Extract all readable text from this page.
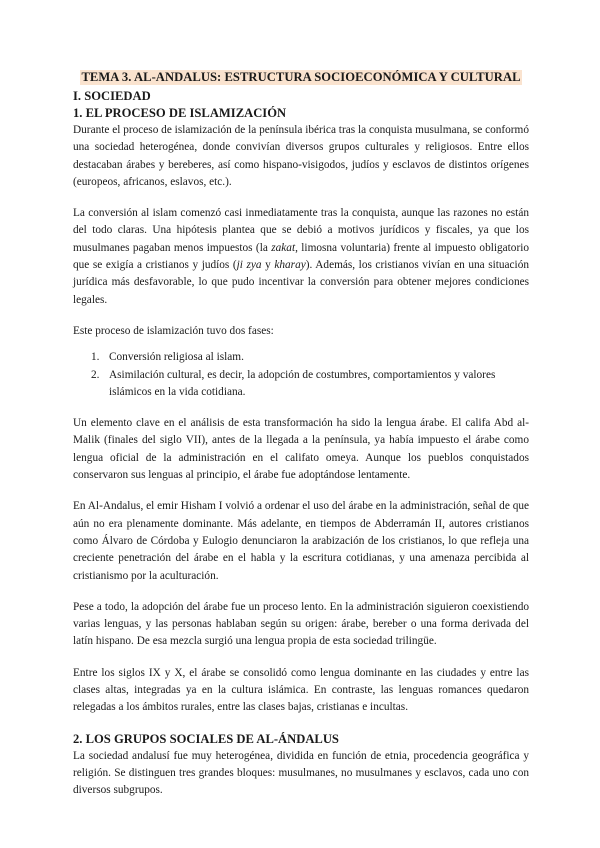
TEMA 3. AL-ANDALUS: ESTRUCTURA SOCIOECONÓMICA Y CULTURAL
I. SOCIEDAD
1. EL PROCESO DE ISLAMIZACIÓN

Durante el proceso de islamización de la península ibérica tras la conquista musulmana, se conformó una sociedad heterogénea, donde convivían diversos grupos culturales y religiosos. Entre ellos destacaban árabes y bereberes, así como hispano-visigodos, judíos y esclavos de distintos orígenes (europeos, africanos, eslavos, etc.).

La conversión al islam comenzó casi inmediatamente tras la conquista, aunque las razones no están del todo claras. Una hipótesis plantea que se debió a motivos jurídicos y fiscales, ya que los musulmanes pagaban menos impuestos (la zakat, limosna voluntaria) frente al impuesto obligatorio que se exigía a cristianos y judíos (ji zya y kharay). Además, los cristianos vivían en una situación jurídica más desfavorable, lo que pudo incentivar la conversión para obtener mejores condiciones legales.

Este proceso de islamización tuvo dos fases:

1. Conversión religiosa al islam.
2. Asimilación cultural, es decir, la adopción de costumbres, comportamientos y valores islámicos en la vida cotidiana.

Un elemento clave en el análisis de esta transformación ha sido la lengua árabe. El califa Abd al-Malik (finales del siglo VII), antes de la llegada a la península, ya había impuesto el árabe como lengua oficial de la administración en el califato omeya. Aunque los pueblos conquistados conservaron sus lenguas al principio, el árabe fue adoptándose lentamente.

En Al-Andalus, el emir Hisham I volvió a ordenar el uso del árabe en la administración, señal de que aún no era plenamente dominante. Más adelante, en tiempos de Abderramán II, autores cristianos como Álvaro de Córdoba y Eulogio denunciaron la arabización de los cristianos, lo que refleja una creciente penetración del árabe en el habla y la escritura cotidianas, y una amenaza percibida al cristianismo por la aculturación.

Pese a todo, la adopción del árabe fue un proceso lento. En la administración siguieron coexistiendo varias lenguas, y las personas hablaban según su origen: árabe, bereber o una forma derivada del latín hispano. De esa mezcla surgió una lengua propia de esta sociedad trilingüe.

Entre los siglos IX y X, el árabe se consolidó como lengua dominante en las ciudades y entre las clases altas, integradas ya en la cultura islámica. En contraste, las lenguas romances quedaron relegadas a los ámbitos rurales, entre las clases bajas, cristianas e incultas.

2. LOS GRUPOS SOCIALES DE AL-ÁNDALUS

La sociedad andalusí fue muy heterogénea, dividida en función de etnia, procedencia geográfica y religión. Se distinguen tres grandes bloques: musulmanes, no musulmanes y esclavos, cada uno con diversos subgrupos.
